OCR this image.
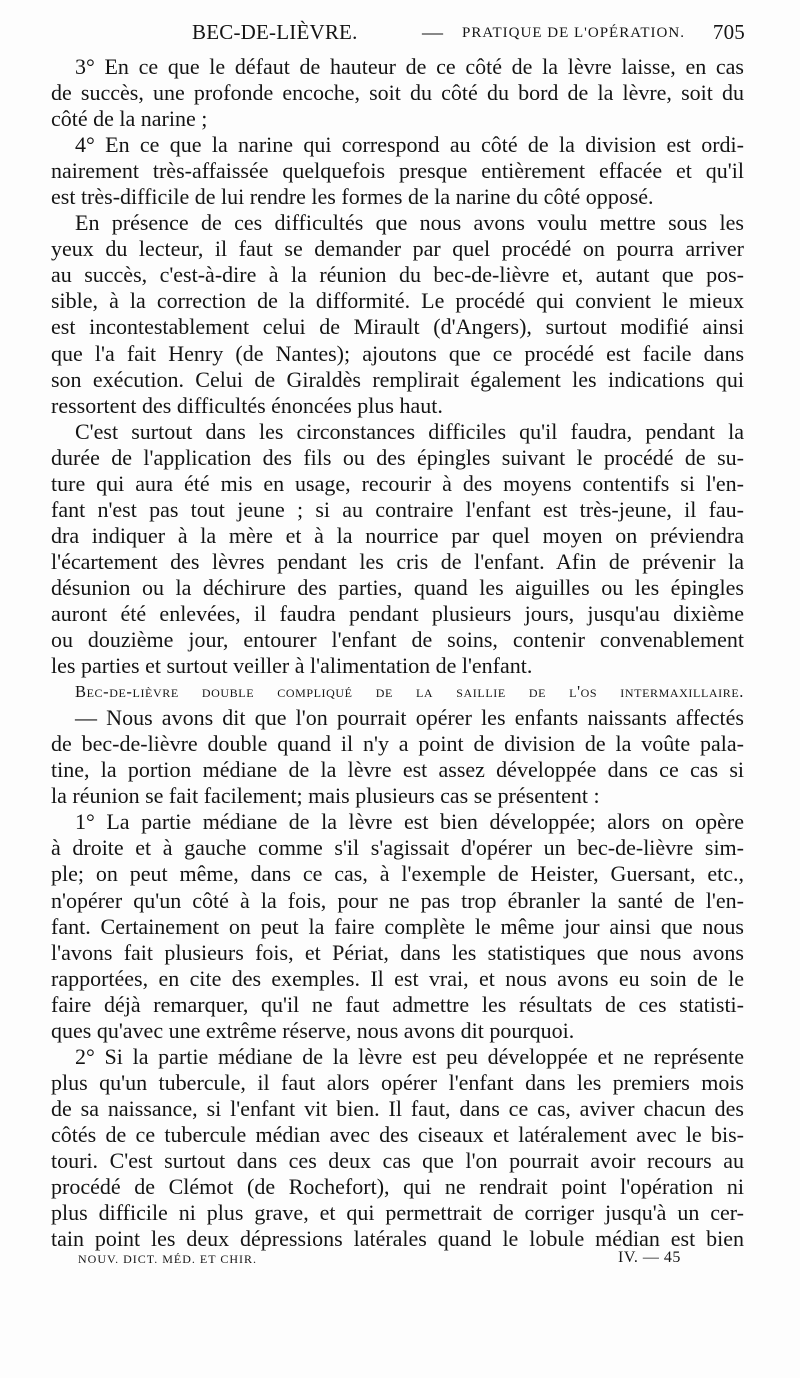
BEC-DE-LIÈVRE.	— PRATIQUE DE L'OPÉRATION. 705
3° En ce que le défaut de hauteur de ce côté de la lèvre laisse, en cas
de succès, une profonde encoche, soit du côté du bord de la lèvre, soit du
côté de la narine ;
4° En ce que la narine qui correspond au côté de la division est ordi-
nairement très-affaissée quelquefois presque entièrement effacée et qu'il
est très-difficile de lui rendre les formes de la narine du côté opposé.
En présence de ces difficultés que nous avons voulu mettre sous les
yeux du lecteur, il faut se demander par quel procédé on pourra arriver
au succès, c'est-à-dire à la réunion du bec-de-lièvre et, autant que pos-
sible, à la correction de la difformité. Le procédé qui convient le mieux
est incontestablement celui de Mirault (d'Angers), surtout modifié ainsi
que l'a fait Henry (de Nantes); ajoutons que ce procédé est facile dans
son exécution. Celui de Giraldès remplirait également les indications qui
ressortent des difficultés énoncées plus haut.
C'est surtout dans les circonstances difficiles qu'il faudra, pendant la
durée de l'application des fils ou des épingles suivant le procédé de su-
ture qui aura été mis en usage, recourir à des moyens contentifs si l'en-
fant n'est pas tout jeune ; si au contraire l'enfant est très-jeune, il fau-
dra indiquer à la mère et à la nourrice par quel moyen on préviendra
l'écartement des lèvres pendant les cris de l'enfant. Afin de prévenir la
désunion ou la déchirure des parties, quand les aiguilles ou les épingles
auront été enlevées, il faudra pendant plusieurs jours, jusqu'au dixième
ou douzième jour, entourer l'enfant de soins, contenir convenablement
les parties et surtout veiller à l'alimentation de l'enfant.
Bec-de-lièvre double compliqué de la saillie de l'os intermaxillaire.
— Nous avons dit que l'on pourrait opérer les enfants naissants affectés
de bec-de-lièvre double quand il n'y a point de division de la voûte pala-
tine, la portion médiane de la lèvre est assez développée dans ce cas si
la réunion se fait facilement; mais plusieurs cas se présentent :
1° La partie médiane de la lèvre est bien développée; alors on opère
à droite et à gauche comme s'il s'agissait d'opérer un bec-de-lièvre sim-
ple; on peut même, dans ce cas, à l'exemple de Heister, Guersant, etc.,
n'opérer qu'un côté à la fois, pour ne pas trop ébranler la santé de l'en-
fant. Certainement on peut la faire complète le même jour ainsi que nous
l'avons fait plusieurs fois, et Périat, dans les statistiques que nous avons
rapportées, en cite des exemples. Il est vrai, et nous avons eu soin de le
faire déjà remarquer, qu'il ne faut admettre les résultats de ces statisti-
ques qu'avec une extrême réserve, nous avons dit pourquoi.
2° Si la partie médiane de la lèvre est peu développée et ne représente
plus qu'un tubercule, il faut alors opérer l'enfant dans les premiers mois
de sa naissance, si l'enfant vit bien. Il faut, dans ce cas, aviver chacun des
côtés de ce tubercule médian avec des ciseaux et latéralement avec le bis-
touri. C'est surtout dans ces deux cas que l'on pourrait avoir recours au
procédé de Clémot (de Rochefort), qui ne rendrait point l'opération ni
plus difficile ni plus grave, et qui permettrait de corriger jusqu'à un cer-
tain point les deux dépressions latérales quand le lobule médian est bien
NOUV. DICT. MÉD. ET CHIR.	IV. — 45
